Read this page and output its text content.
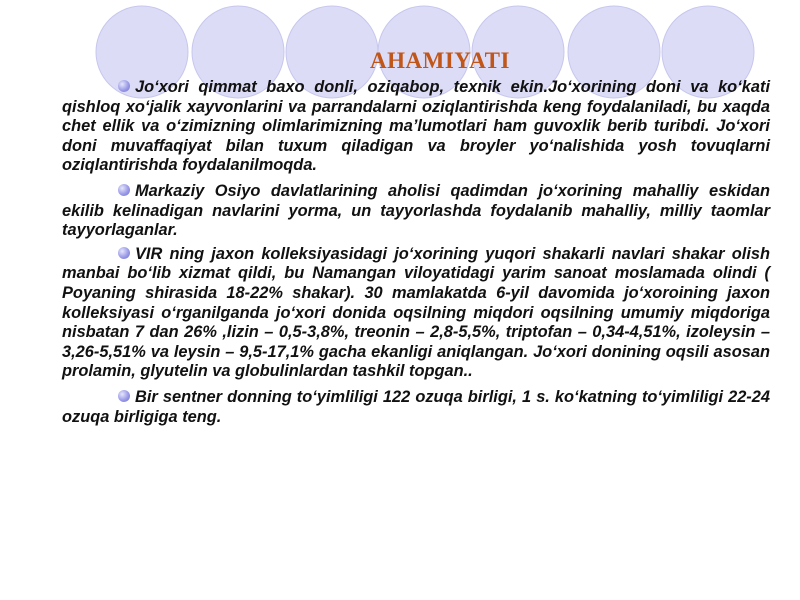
AHAMIYATI

Jo‘xori qimmat baxo donli, oziqabop, texnik ekin.Jo‘xorining doni va ko‘kati qishloq xo‘jalik xayvonlarini va parrandalarni oziqlantirishda keng foydalaniladi, bu xaqda chet ellik va o‘zimizning olimlarimizning ma’lumotlari ham guvoxlik berib turibdi. Jo‘xori doni muvaffaqiyat bilan tuxum qiladigan va broyler yo‘nalishida yosh tovuqlarni oziqlantirishda foydalanilmoqda.

Markaziy Osiyo davlatlarining aholisi qadimdan jo‘xorining mahalliy eskidan ekilib kelinadigan navlarini yorma, un tayyorlashda foydalanib mahalliy, milliy taomlar tayyorlaganlar.

VIR ning jaxon kolleksiyasidagi jo‘xorining yuqori shakarli navlari shakar olish manbai bo‘lib xizmat qildi, bu Namangan viloyatidagi yarim sanoat moslamada olindi ( Poyaning shirasida 18-22% shakar). 30 mamlakatda 6-yil davomida jo‘xoroining jaxon kolleksiyasi o‘rganilganda jo‘xori donida oqsilning miqdori oqsilning umumiy miqdoriga nisbatan 7 dan 26% ,lizin – 0,5-3,8%, treonin – 2,8-5,5%, triptofan – 0,34-4,51%, izoleysin – 3,26-5,51% va leysin – 9,5-17,1% gacha ekanligi aniqlangan. Jo‘xori donining oqsili asosan prolamin, glyutelin va globulinlardan tashkil topgan..

Bir sentner donning to‘yimliligi 122 ozuqa birligi, 1 s. ko‘katning to‘yimliligi 22-24 ozuqa birligiga teng.
